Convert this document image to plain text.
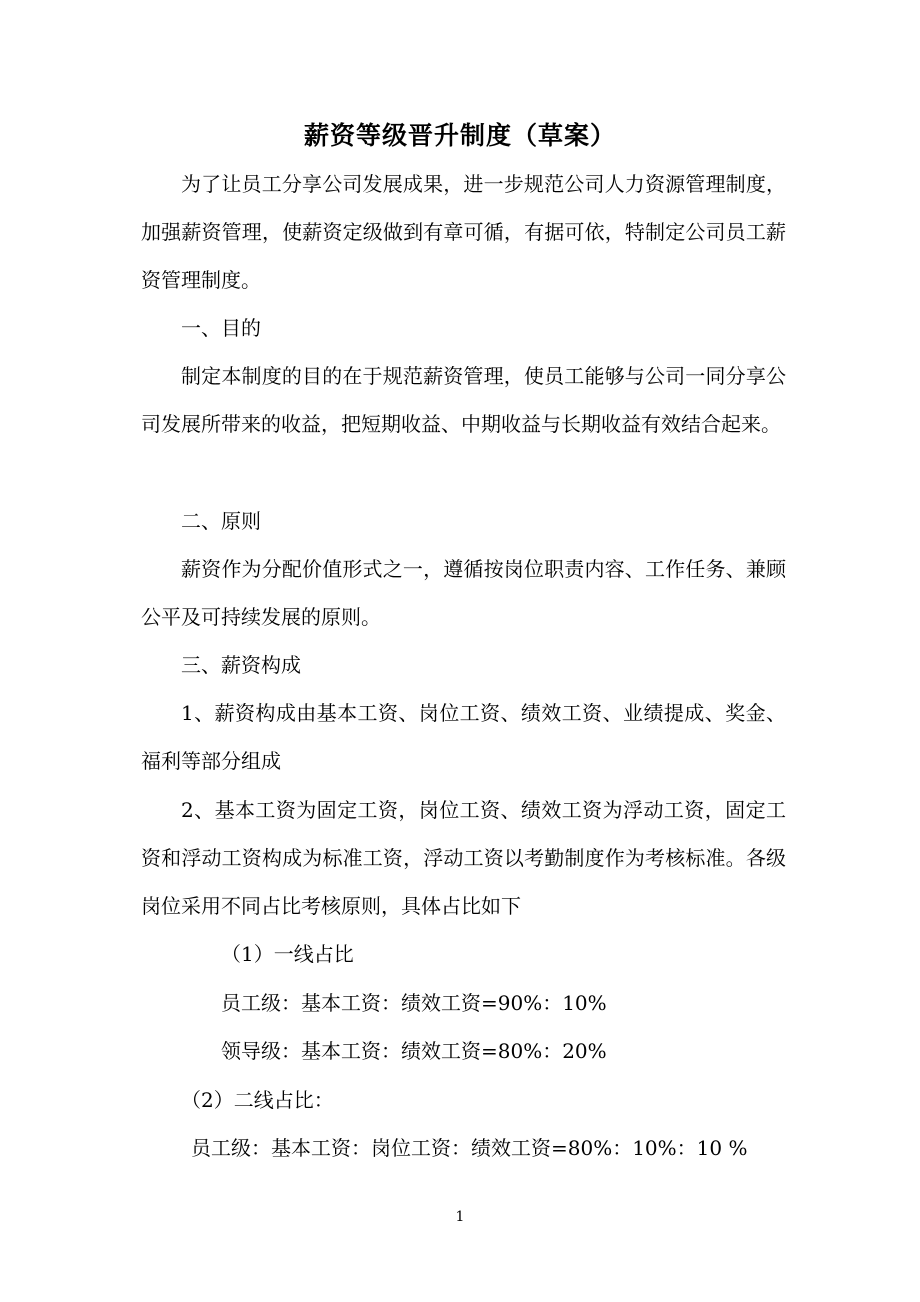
薪资等级晋升制度（草案）

为了让员工分享公司发展成果，进一步规范公司人力资源管理制度，加强薪资管理，使薪资定级做到有章可循，有据可依，特制定公司员工薪资管理制度。

一、目的

制定本制度的目的在于规范薪资管理，使员工能够与公司一同分享公司发展所带来的收益，把短期收益、中期收益与长期收益有效结合起来。

二、原则

薪资作为分配价值形式之一，遵循按岗位职责内容、工作任务、兼顾公平及可持续发展的原则。

三、薪资构成

1、薪资构成由基本工资、岗位工资、绩效工资、业绩提成、奖金、福利等部分组成

2、基本工资为固定工资，岗位工资、绩效工资为浮动工资，固定工资和浮动工资构成为标准工资，浮动工资以考勤制度作为考核标准。各级岗位采用不同占比考核原则，具体占比如下

（1）一线占比

员工级：基本工资：绩效工资=90%：10%

领导级：基本工资：绩效工资=80%：20%

（2）二线占比：

员工级：基本工资：岗位工资：绩效工资=80%：10%：10 %

1
